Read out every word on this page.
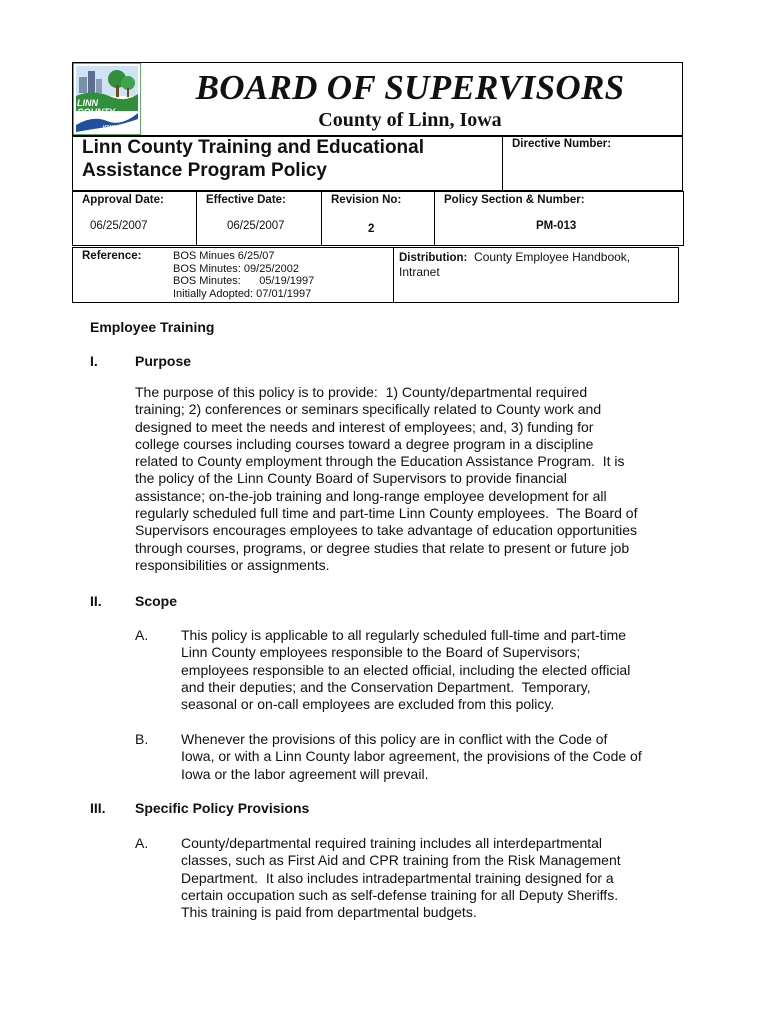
LINN COUNTY
IOWA
BOARD OF SUPERVISORS
County of Linn, Iowa
Linn County Training and Educational
Assistance Program Policy
Directive Number:
Approval Date:
06/25/2007
Effective Date:
06/25/2007
Revision No:
2
Policy Section & Number:
PM-013
Reference:	BOS Minues 6/25/07
BOS Minutes: 09/25/2002
BOS Minutes:      05/19/1997
Initially Adopted: 07/01/1997
Distribution: County Employee Handbook,
Intranet
Employee Training
I.	Purpose
The purpose of this policy is to provide:  1) County/departmental required
training; 2) conferences or seminars specifically related to County work and
designed to meet the needs and interest of employees; and, 3) funding for
college courses including courses toward a degree program in a discipline
related to County employment through the Education Assistance Program.  It is
the policy of the Linn County Board of Supervisors to provide financial
assistance; on-the-job training and long-range employee development for all
regularly scheduled full time and part-time Linn County employees.  The Board of
Supervisors encourages employees to take advantage of education opportunities
through courses, programs, or degree studies that relate to present or future job
responsibilities or assignments.
II. Scope
A. This policy is applicable to all regularly scheduled full-time and part-time
Linn County employees responsible to the Board of Supervisors;
employees responsible to an elected official, including the elected official
and their deputies; and the Conservation Department.  Temporary,
seasonal or on-call employees are excluded from this policy.
B. Whenever the provisions of this policy are in conflict with the Code of
Iowa, or with a Linn County labor agreement, the provisions of the Code of
Iowa or the labor agreement will prevail.
III. Specific Policy Provisions
A. County/departmental required training includes all interdepartmental
classes, such as First Aid and CPR training from the Risk Management
Department.  It also includes intradepartmental training designed for a
certain occupation such as self-defense training for all Deputy Sheriffs.
This training is paid from departmental budgets.
